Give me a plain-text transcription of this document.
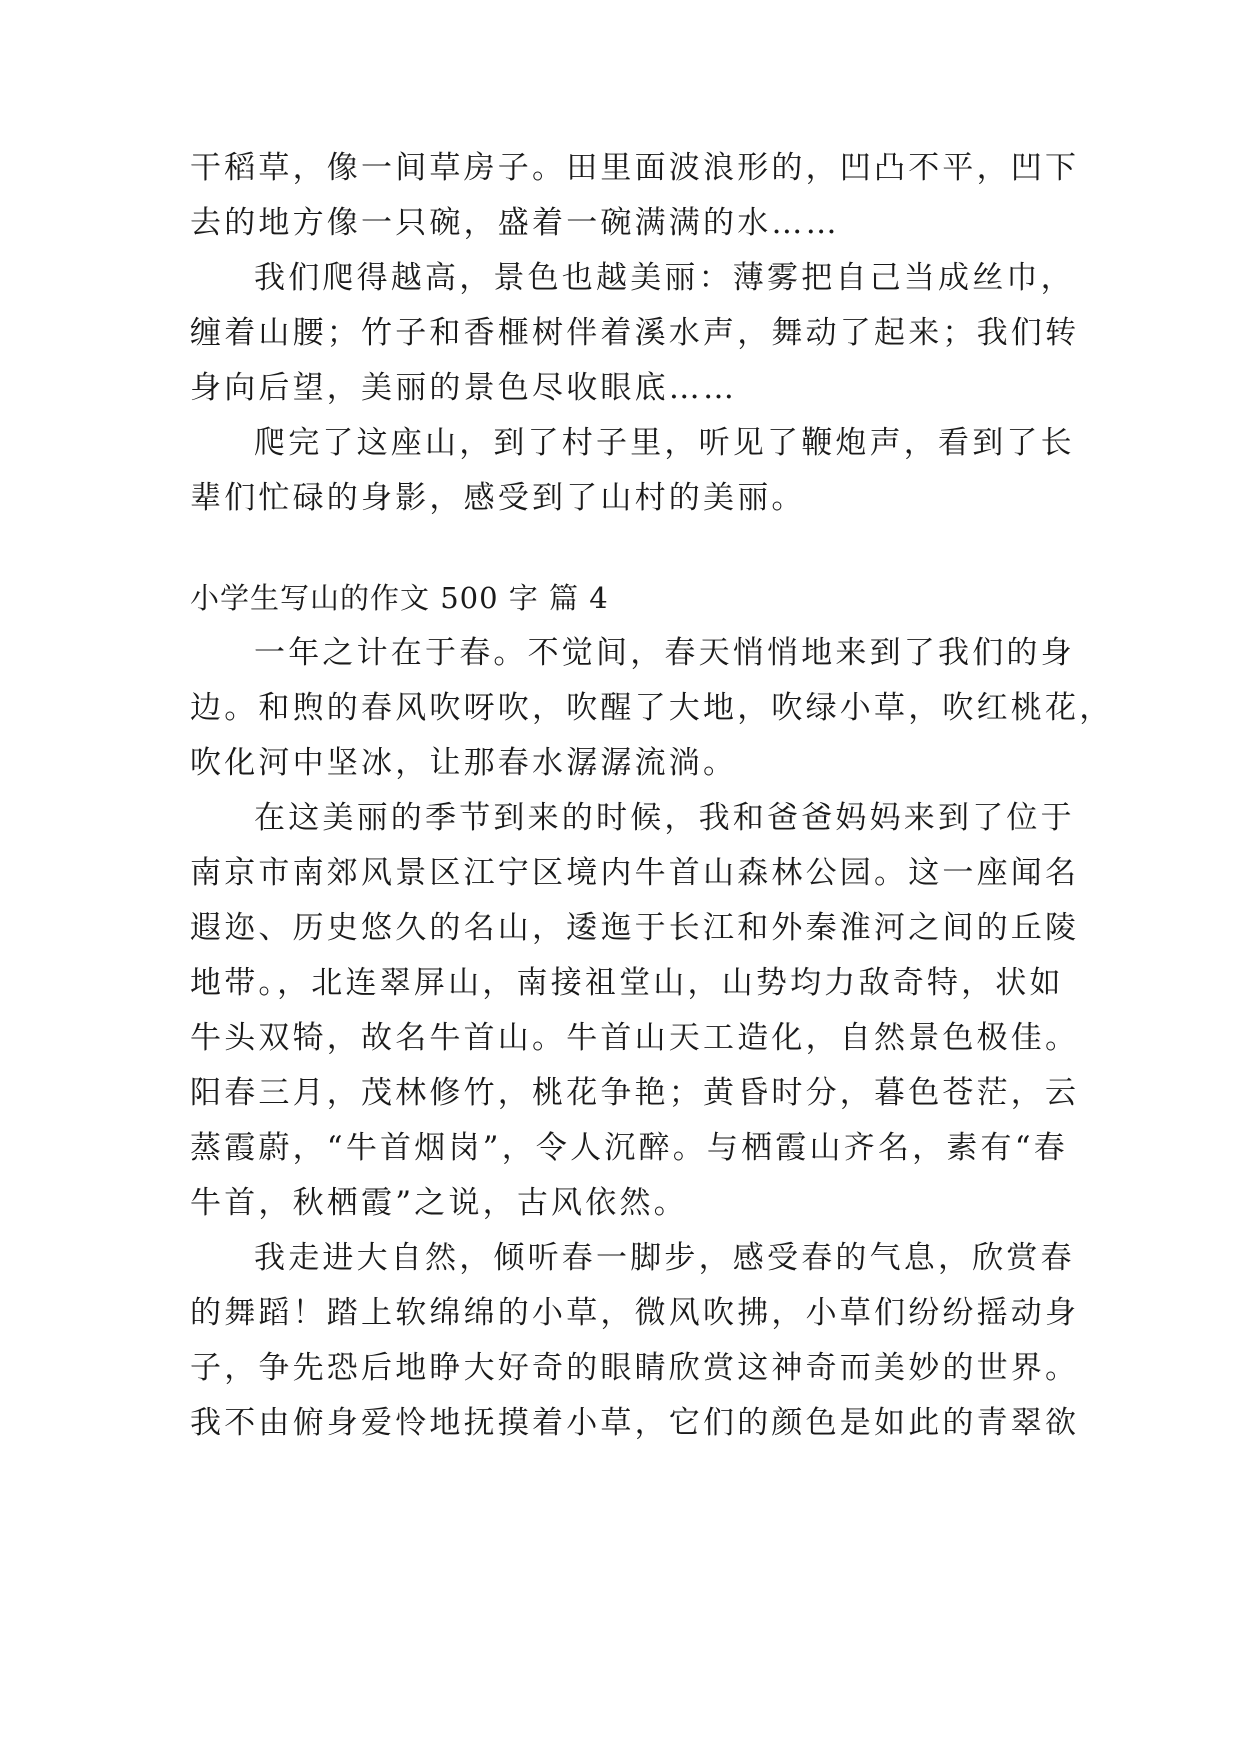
干稻草，像一间草房子。田里面波浪形的，凹凸不平，凹下
去的地方像一只碗，盛着一碗满满的水……
我们爬得越高，景色也越美丽：薄雾把自己当成丝巾，
缠着山腰；竹子和香榧树伴着溪水声，舞动了起来；我们转
身向后望，美丽的景色尽收眼底……
爬完了这座山，到了村子里，听见了鞭炮声，看到了长
辈们忙碌的身影，感受到了山村的美丽。
小学生写山的作文 500 字 篇 4
一年之计在于春。不觉间，春天悄悄地来到了我们的身
边。和煦的春风吹呀吹，吹醒了大地，吹绿小草，吹红桃花，
吹化河中坚冰，让那春水潺潺流淌。
在这美丽的季节到来的时候，我和爸爸妈妈来到了位于
南京市南郊风景区江宁区境内牛首山森林公园。这一座闻名
遐迩、历史悠久的名山，逶迤于长江和外秦淮河之间的丘陵
地带。，北连翠屏山，南接祖堂山，山势均力敌奇特，状如
牛头双犄，故名牛首山。牛首山天工造化，自然景色极佳。
阳春三月，茂林修竹，桃花争艳；黄昏时分，暮色苍茫，云
蒸霞蔚，“牛首烟岗”，令人沉醉。与栖霞山齐名，素有“春
牛首，秋栖霞”之说，古风依然。
我走进大自然，倾听春一脚步，感受春的气息，欣赏春
的舞蹈！踏上软绵绵的小草，微风吹拂，小草们纷纷摇动身
子，争先恐后地睁大好奇的眼睛欣赏这神奇而美妙的世界。
我不由俯身爱怜地抚摸着小草，它们的颜色是如此的青翠欲
